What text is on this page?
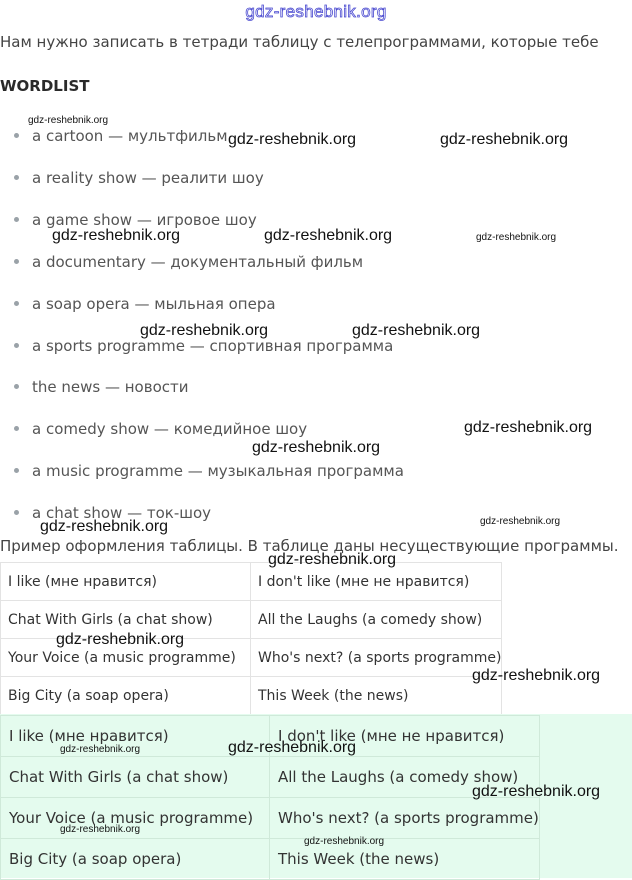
gdz-reshebnik.org
Нам нужно записать в тетради таблицу с телепрограммами, которые тебе
WORDLIST
a cartoon — мультфильм
a reality show — реалити шоу
a game show — игровое шоу
a documentary — документальный фильм
a soap opera — мыльная опера
a sports programme — спортивная программа
the news — новости
a comedy show — комедийное шоу
a music programme — музыкальная программа
a chat show — ток-шоу
Пример оформления таблицы. В таблице даны несуществующие программы.
I like (мне нравится)	I don't like (мне не нравится)
Chat With Girls (a chat show)	All the Laughs (a comedy show)
Your Voice (a music programme)	Who's next? (a sports programme)
Big City (a soap opera)	This Week (the news)
I like (мне нравится)	I don't like (мне не нравится)
Chat With Girls (a chat show)	All the Laughs (a comedy show)
Your Voice (a music programme)	Who's next? (a sports programme)
Big City (a soap opera)	This Week (the news)
gdz-reshebnik.org
gdz-reshebnik.org	gdz-reshebnik.org
gdz-reshebnik.org	gdz-reshebnik.org	gdz-reshebnik.org
gdz-reshebnik.org	gdz-reshebnik.org
gdz-reshebnik.org
gdz-reshebnik.org
gdz-reshebnik.org	gdz-reshebnik.org
gdz-reshebnik.org
gdz-reshebnik.org
gdz-reshebnik.org
gdz-reshebnik.org	gdz-reshebnik.org
gdz-reshebnik.org
gdz-reshebnik.org
gdz-reshebnik.org
